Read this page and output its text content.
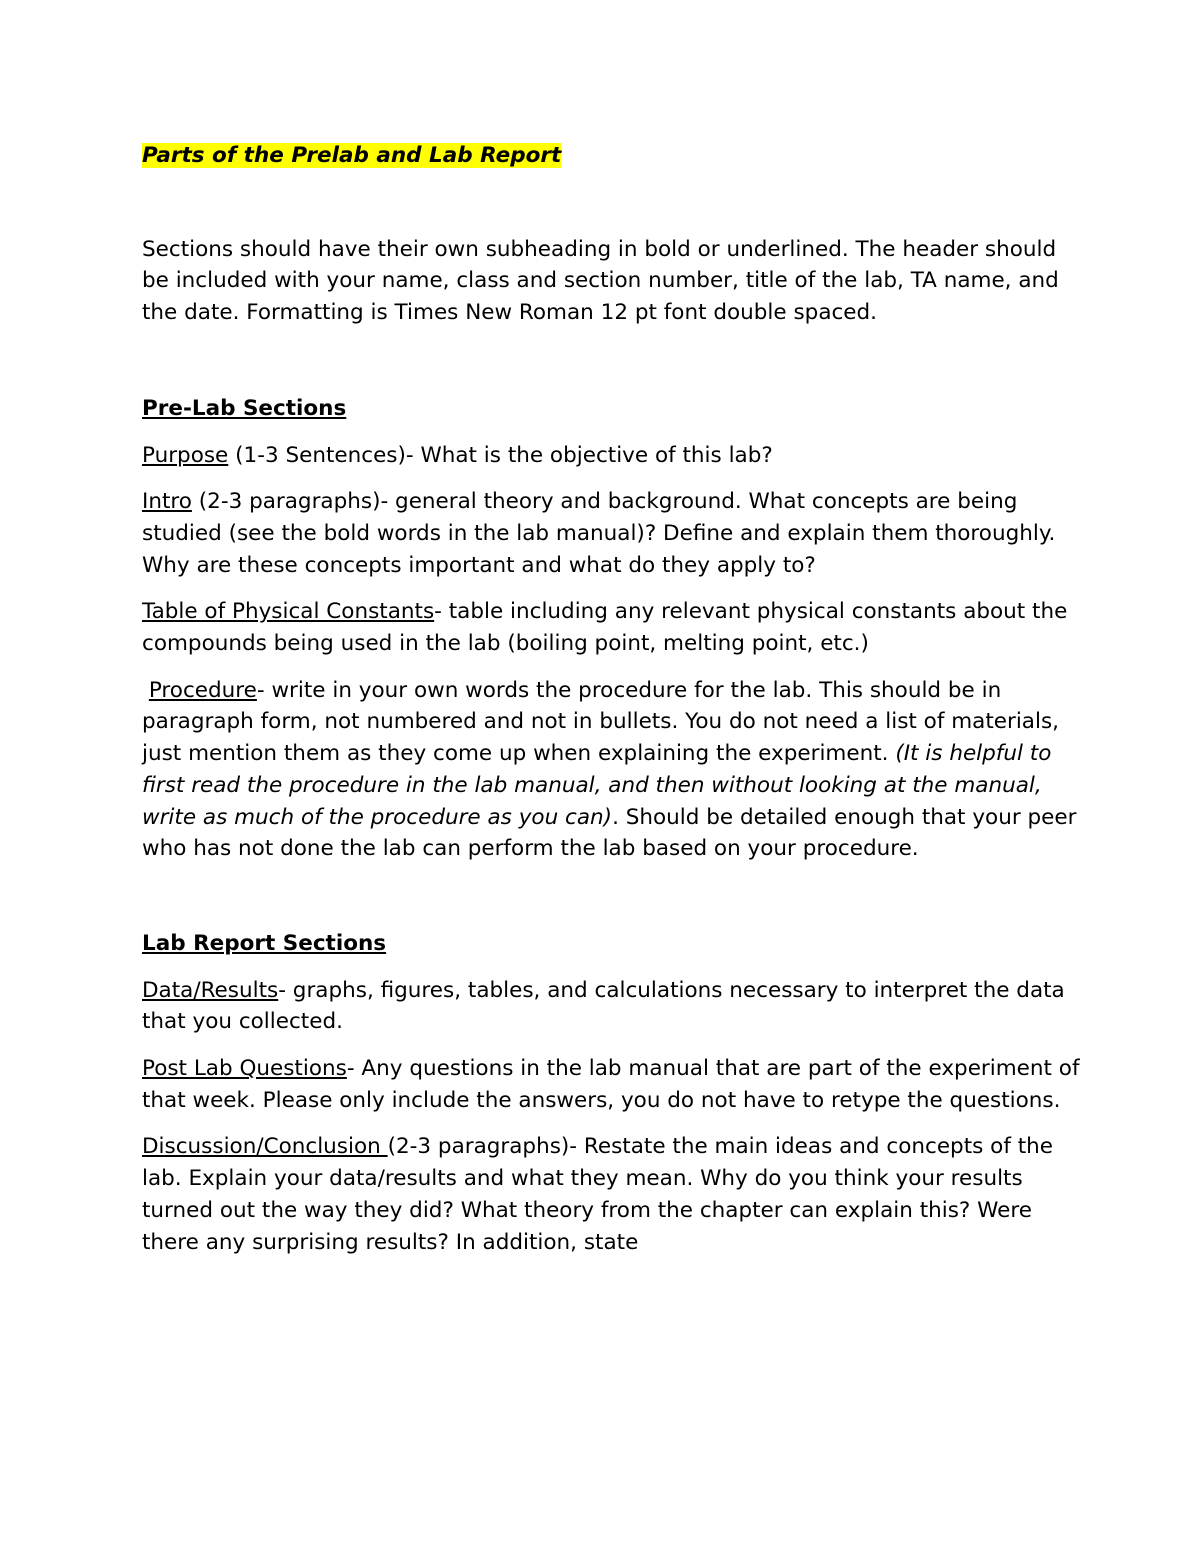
Parts of the Prelab and Lab Report

Sections should have their own subheading in bold or underlined. The header should be included with your name, class and section number, title of the lab, TA name, and the date. Formatting is Times New Roman 12 pt font double spaced.

Pre-Lab Sections

Purpose (1-3 Sentences)- What is the objective of this lab?

Intro (2-3 paragraphs)- general theory and background. What concepts are being studied (see the bold words in the lab manual)? Define and explain them thoroughly. Why are these concepts important and what do they apply to?

Table of Physical Constants- table including any relevant physical constants about the compounds being used in the lab (boiling point, melting point, etc.)

Procedure- write in your own words the procedure for the lab. This should be in paragraph form, not numbered and not in bullets. You do not need a list of materials, just mention them as they come up when explaining the experiment. (It is helpful to first read the procedure in the lab manual, and then without looking at the manual, write as much of the procedure as you can). Should be detailed enough that your peer who has not done the lab can perform the lab based on your procedure.

Lab Report Sections

Data/Results- graphs, figures, tables, and calculations necessary to interpret the data that you collected.

Post Lab Questions- Any questions in the lab manual that are part of the experiment of that week. Please only include the answers, you do not have to retype the questions.

Discussion/Conclusion (2-3 paragraphs)- Restate the main ideas and concepts of the lab. Explain your data/results and what they mean. Why do you think your results turned out the way they did? What theory from the chapter can explain this? Were there any surprising results? In addition, state
